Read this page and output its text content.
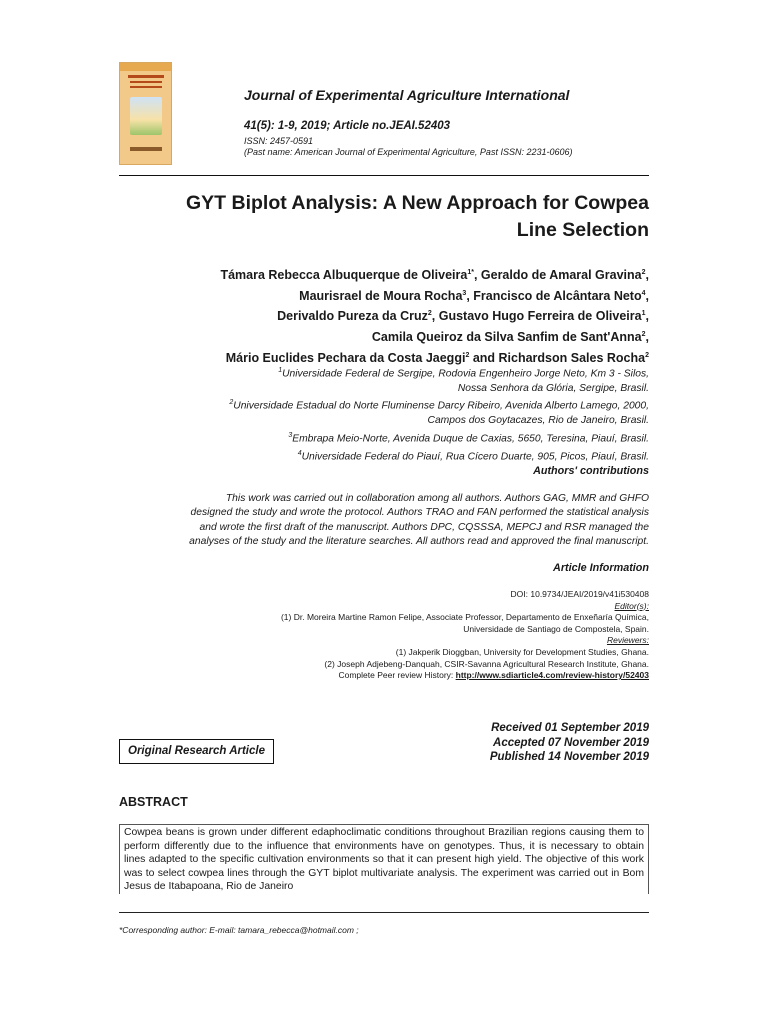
Journal of Experimental Agriculture International
41(5): 1-9, 2019; Article no.JEAI.52403
ISSN: 2457-0591
(Past name: American Journal of Experimental Agriculture, Past ISSN: 2231-0606)
GYT Biplot Analysis: A New Approach for Cowpea
Line Selection
Támara Rebecca Albuquerque de Oliveira$^{1*}$, Geraldo de Amaral Gravina$^2$,
Maurisrael de Moura Rocha$^3$, Francisco de Alcântara Neto$^4$,
Derivaldo Pureza da Cruz$^2$, Gustavo Hugo Ferreira de Oliveira$^1$,
Camila Queiroz da Silva Sanfim de Sant'Anna$^2$,
Mário Euclides Pechara da Costa Jaeggi$^2$ and Richardson Sales Rocha$^2$
$^1$Universidade Federal de Sergipe, Rodovia Engenheiro Jorge Neto, Km 3 - Silos,
Nossa Senhora da Glória, Sergipe, Brasil.
$^2$Universidade Estadual do Norte Fluminense Darcy Ribeiro, Avenida Alberto Lamego, 2000,
Campos dos Goytacazes, Rio de Janeiro, Brasil.
$^3$Embrapa Meio-Norte, Avenida Duque de Caxias, 5650, Teresina, Piauí, Brasil.
$^4$Universidade Federal do Piauí, Rua Cícero Duarte, 905, Picos, Piauí, Brasil.
Authors' contributions
This work was carried out in collaboration among all authors. Authors GAG, MMR and GHFO
designed the study and wrote the protocol. Authors TRAO and FAN performed the statistical analysis
and wrote the first draft of the manuscript. Authors DPC, CQSSSA, MEPCJ and RSR managed the
analyses of the study and the literature searches. All authors read and approved the final manuscript.
Article Information
DOI: 10.9734/JEAI/2019/v41i530408
Editor(s):
(1) Dr. Moreira Martine Ramon Felipe, Associate Professor, Departamento de Enxeñaría Química,
Universidade de Santiago de Compostela, Spain.
Reviewers:
(1) Jakperik Dioggban, University for Development Studies, Ghana.
(2) Joseph Adjebeng-Danquah, CSIR-Savanna Agricultural Research Institute, Ghana.
Complete Peer review History: http://www.sdiarticle4.com/review-history/52403
Original Research Article
Received 01 September 2019
Accepted 07 November 2019
Published 14 November 2019
ABSTRACT
Cowpea beans is grown under different edaphoclimatic conditions throughout Brazilian regions causing them to perform differently due to the influence that environments have on genotypes. Thus, it is necessary to obtain lines adapted to the specific cultivation environments so that it can present high yield. The objective of this work was to select cowpea lines through the GYT biplot multivariate analysis. The experiment was carried out in Bom Jesus de Itabapoana, Rio de Janeiro
*Corresponding author: E-mail: tamara_rebecca@hotmail.com ;
